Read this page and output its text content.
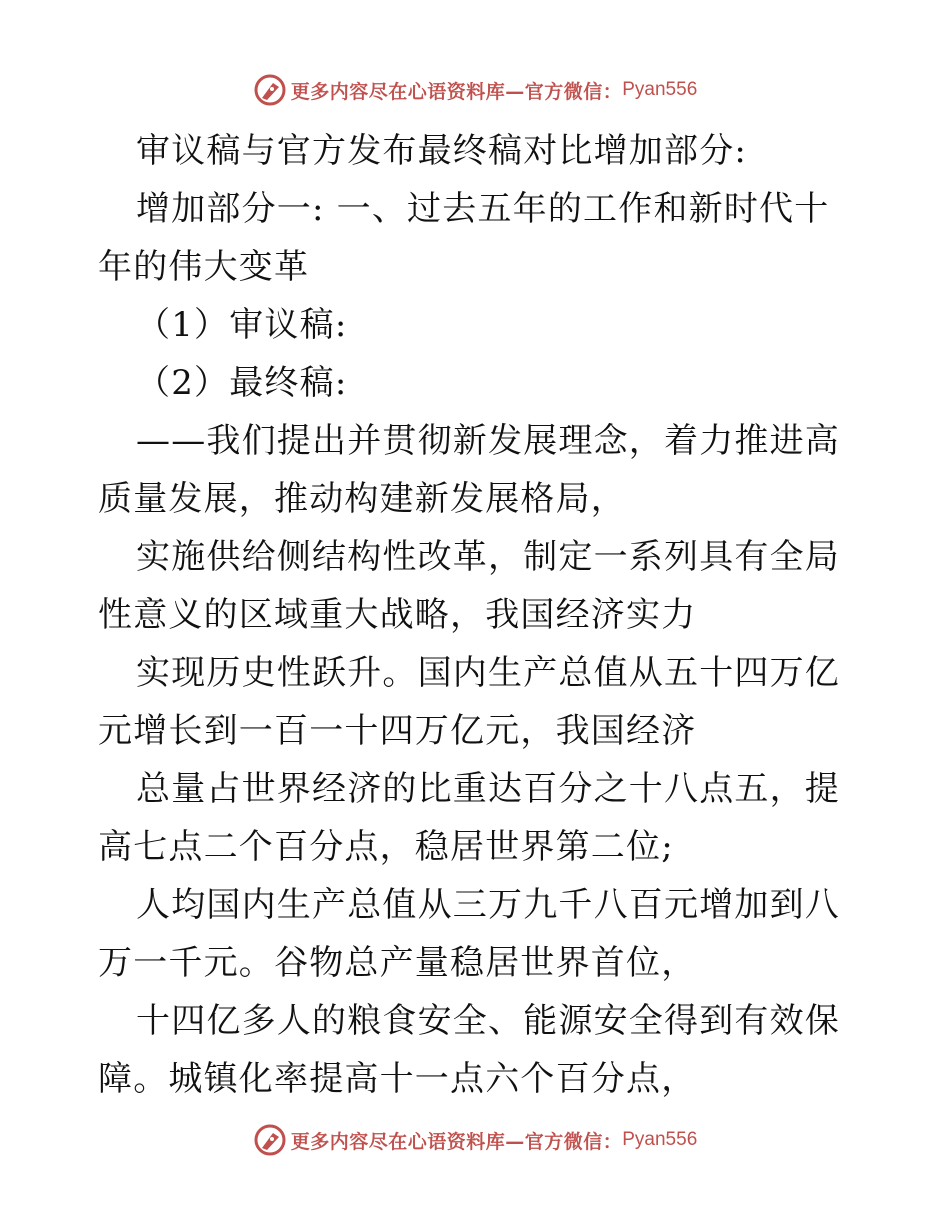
更多内容尽在心语资料库—官方微信： Pyan556

审议稿与官方发布最终稿对比增加部分:

增加部分一: 一、过去五年的工作和新时代十年的伟大变革

（1）审议稿:

（2）最终稿:

——我们提出并贯彻新发展理念，着力推进高质量发展，推动构建新发展格局，

实施供给侧结构性改革，制定一系列具有全局性意义的区域重大战略，我国经济实力

实现历史性跃升。国内生产总值从五十四万亿元增长到一百一十四万亿元，我国经济

总量占世界经济的比重达百分之十八点五，提高七点二个百分点，稳居世界第二位;

人均国内生产总值从三万九千八百元增加到八万一千元。谷物总产量稳居世界首位，

十四亿多人的粮食安全、能源安全得到有效保障。城镇化率提高十一点六个百分点，

更多内容尽在心语资料库—官方微信： Pyan556
